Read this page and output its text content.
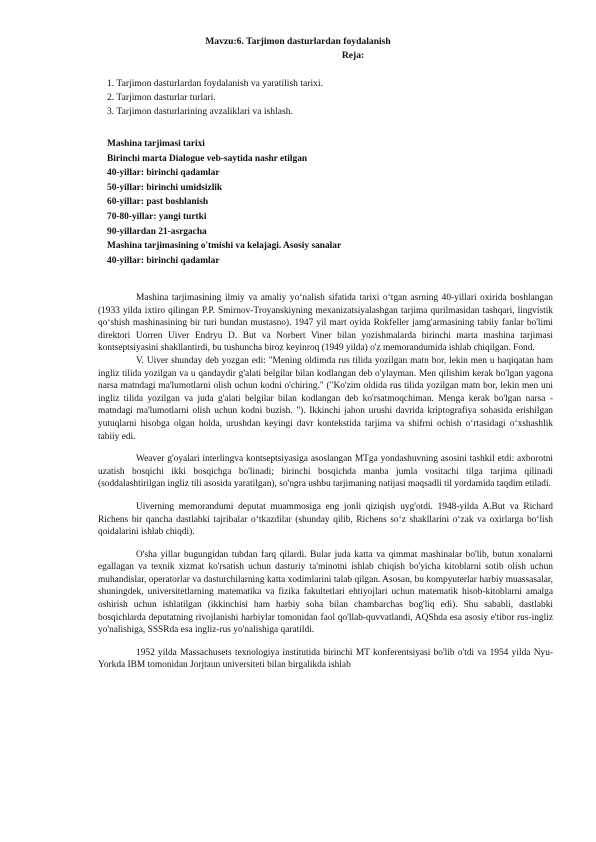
Mavzu:6. Tarjimon dasturlardan foydalanish
Reja:
1. Tarjimon dasturlardan foydalanish va yaratilish tarixi.
2. Tarjimon dasturlar turlari.
3. Tarjimon dasturlarining avzaliklari va ishlash.
Mashina tarjimasi tarixi
Birinchi marta Dialogue veb-saytida nashr etilgan
40-yillar: birinchi qadamlar
50-yillar: birinchi umidsizlik
60-yillar: past boshlanish
70-80-yillar: yangi turtki
90-yillardan 21-asrgacha
Mashina tarjimasining o'tmishi va kelajagi. Asosiy sanalar
40-yillar: birinchi qadamlar

Mashina tarjimasining ilmiy va amaliy yo‘nalish sifatida tarixi o‘tgan asrning 40-yillari oxirida boshlangan (1933 yilda ixtiro qilingan P.P. Smirnov-Troyanskiyning mexanizatsiyalashgan tarjima qurilmasidan tashqari, lingvistik qo‘shish mashinasining bir turi bundan mustasno). 1947 yil mart oyida Rokfeller jamg'armasining tabiiy fanlar bo'limi direktori Uorren Uiver Endryu D. But va Norbert Viner bilan yozishmalarda birinchi marta mashina tarjimasi kontseptsiyasini shakllantirdi, bu tushuncha biroz keyinroq (1949 yilda) o'z memorandumida ishlab chiqilgan. Fond.

V. Uiver shunday deb yozgan edi: "Mening oldimda rus tilida yozilgan matn bor, lekin men u haqiqatan ham ingliz tilida yozilgan va u qandaydir g'alati belgilar bilan kodlangan deb o'ylayman. Men qilishim kerak bo'lgan yagona narsa matndagi ma'lumotlarni olish uchun kodni o'chiring." ("Ko'zim oldida rus tilida yozilgan matn bor, lekin men uni ingliz tilida yozilgan va juda g'alati belgilar bilan kodlangan deb ko'rsatmoqchiman. Menga kerak bo'lgan narsa - matndagi ma'lumotlarni olish uchun kodni buzish. "). Ikkinchi jahon urushi davrida kriptografiya sohasida erishilgan yutuqlarni hisobga olgan holda, urushdan keyingi davr kontekstida tarjima va shifrni ochish o‘rtasidagi o‘xshashlik tabiiy edi.

Weaver g'oyalari interlingva kontseptsiyasiga asoslangan MTga yondashuvning asosini tashkil etdi: axborotni uzatish bosqichi ikki bosqichga bo'linadi; birinchi bosqichda manba jumla vositachi tilga tarjima qilinadi (soddalashtirilgan ingliz tili asosida yaratilgan), so'ngra ushbu tarjimaning natijasi maqsadli til yordamida taqdim etiladi.

Uiverning memorandumi deputat muammosiga eng jonli qiziqish uyg'otdi. 1948-yilda A.But va Richard Richens bir qancha dastlabki tajribalar o‘tkazdilar (shunday qilib, Richens so‘z shakllarini o‘zak va oxirlarga bo‘lish qoidalarini ishlab chiqdi).

O'sha yillar bugungidan tubdan farq qilardi. Bular juda katta va qimmat mashinalar bo'lib, butun xonalarni egallagan va texnik xizmat ko'rsatish uchun dasturiy ta'minotni ishlab chiqish bo'yicha kitoblarni sotib olish uchun muhandislar, operatorlar va dasturchilarning katta xodimlarini talab qilgan. Asosan, bu kompyuterlar harbiy muassasalar, shuningdek, universitetlarning matematika va fizika fakultetlari ehtiyojlari uchun matematik hisob-kitoblarni amalga oshirish uchun ishlatilgan (ikkinchisi ham harbiy soha bilan chambarchas bog'liq edi). Shu sababli, dastlabki bosqichlarda deputatning rivojlanishi harbiylar tomonidan faol qo'llab-quvvatlandi, AQShda esa asosiy e'tibor rus-ingliz yo'nalishiga, SSSRda esa ingliz-rus yo'nalishiga qaratildi.

1952 yilda Massachusets texnologiya institutida birinchi MT konferentsiyasi bo'lib o'tdi va 1954 yilda Nyu-Yorkda IBM tomonidan Jorjtaun universiteti bilan birgalikda ishlab
